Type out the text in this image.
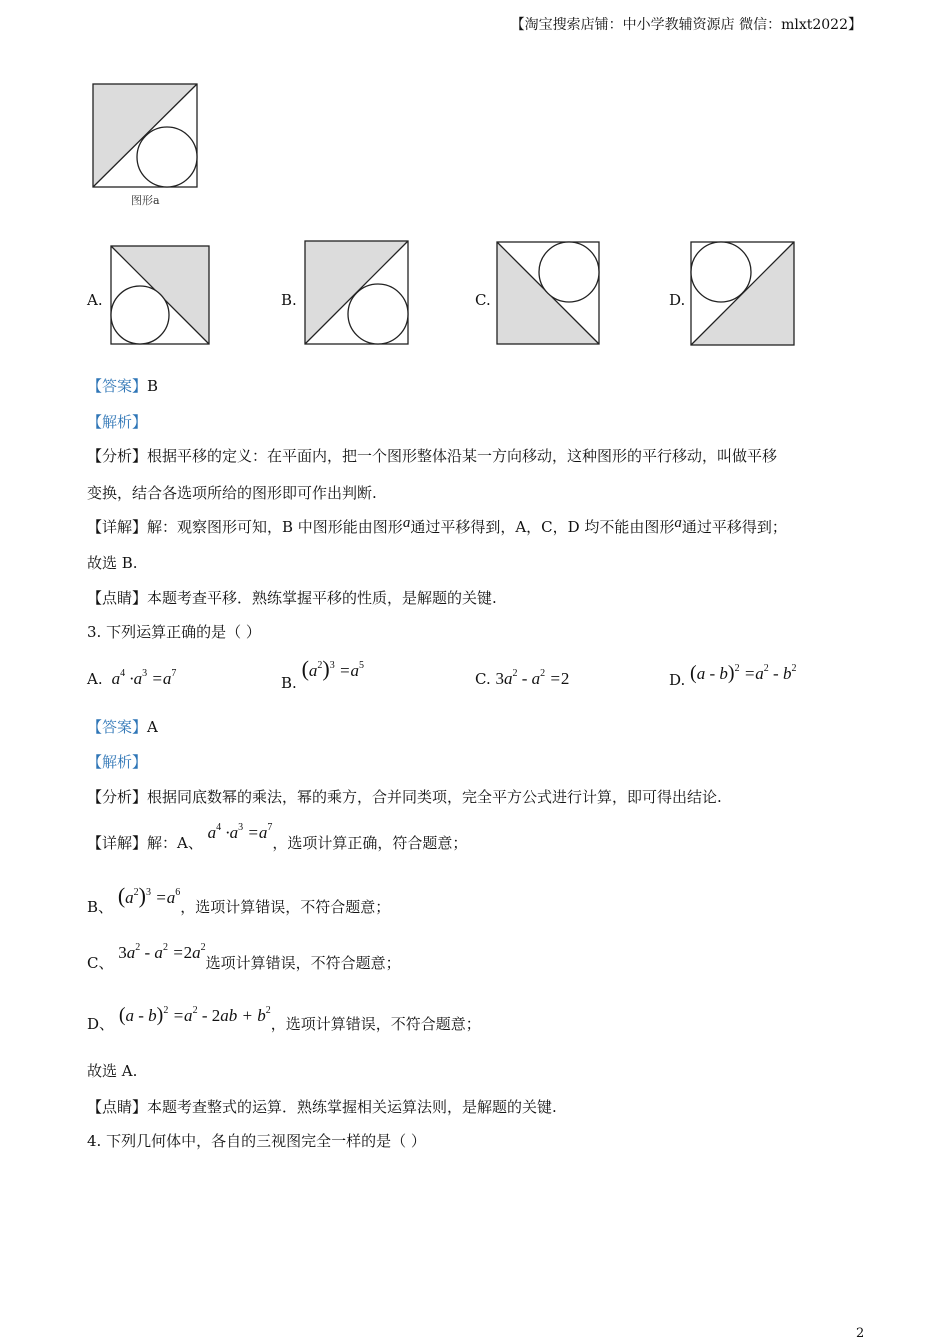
【淘宝搜索店铺：中小学教辅资源店 微信：mlxt2022】
图形a
A.	B.	C.	D.
【答案】B
【解析】
【分析】根据平移的定义：在平面内，把一个图形整体沿某一方向移动，这种图形的平行移动，叫做平移
变换，结合各选项所给的图形即可作出判断.
【详解】解：观察图形可知，B 中图形能由图形a通过平移得到，A，C，D 均不能由图形a通过平移得到；
故选 B.
【点睛】本题考查平移．熟练掌握平移的性质，是解题的关键.
3. 下列运算正确的是（ ）
A.  $a^4 \cdot a^3 =a^7$
B. $(a^2)^3 =a^5$
C. $3a^2 - a^2 =2$	D. $(a - b)^2 =a^2 - b^2$
【答案】A
【解析】
【分析】根据同底数幂的乘法，幂的乘方，合并同类项，完全平方公式进行计算，即可得出结论.
【详解】解：A、 $a^4 \cdot a^3 =a^7$，选项计算正确，符合题意；
B、 $(a^2)^3 =a^6$，选项计算错误，不符合题意；
C、 $3a^2 - a^2 =2a^2$选项计算错误，不符合题意；
D、 $(a - b)^2 =a^2 - 2ab + b^2$，选项计算错误，不符合题意；
故选 A.
【点睛】本题考查整式的运算．熟练掌握相关运算法则，是解题的关键.
4. 下列几何体中，各自的三视图完全一样的是（ ）
2
